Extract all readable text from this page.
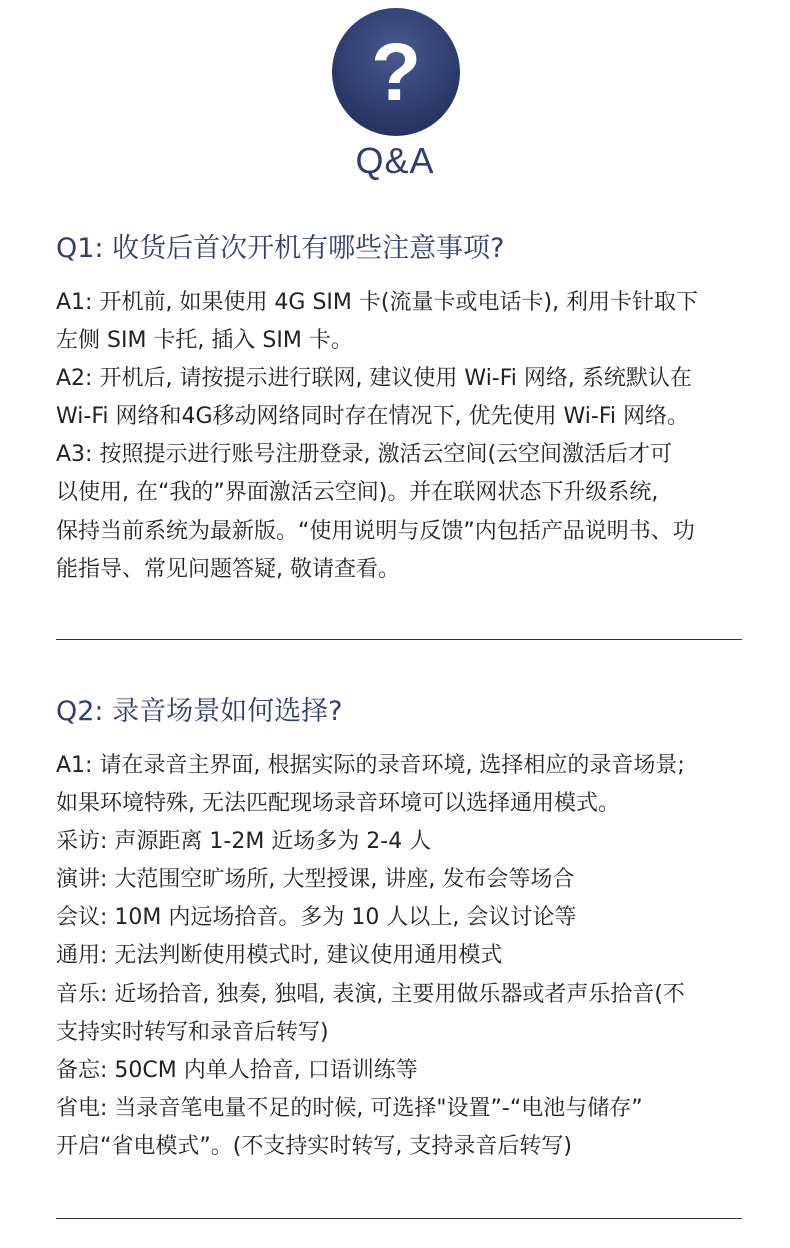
?
Q&A
Q1: 收货后首次开机有哪些注意事项?
A1: 开机前, 如果使用 4G SIM 卡(流量卡或电话卡), 利用卡针取下
左侧 SIM 卡托, 插入 SIM 卡。
A2: 开机后, 请按提示进行联网, 建议使用 Wi-Fi 网络, 系统默认在
Wi-Fi 网络和4G移动网络同时存在情况下, 优先使用 Wi-Fi 网络。
A3: 按照提示进行账号注册登录, 激活云空间(云空间激活后才可
以使用, 在“我的”界面激活云空间)。并在联网状态下升级系统,
保持当前系统为最新版。“使用说明与反馈”内包括产品说明书、功
能指导、常见问题答疑, 敬请查看。
Q2: 录音场景如何选择?
A1: 请在录音主界面, 根据实际的录音环境, 选择相应的录音场景;
如果环境特殊, 无法匹配现场录音环境可以选择通用模式。
采访: 声源距离 1-2M 近场多为 2-4 人
演讲: 大范围空旷场所, 大型授课, 讲座, 发布会等场合
会议: 10M 内远场拾音。多为 10 人以上, 会议讨论等
通用: 无法判断使用模式时, 建议使用通用模式
音乐: 近场拾音, 独奏, 独唱, 表演, 主要用做乐器或者声乐拾音(不
支持实时转写和录音后转写)
备忘: 50CM 内单人拾音, 口语训练等
省电: 当录音笔电量不足的时候, 可选择"设置”-“电池与储存”
开启“省电模式”。(不支持实时转写, 支持录音后转写)
